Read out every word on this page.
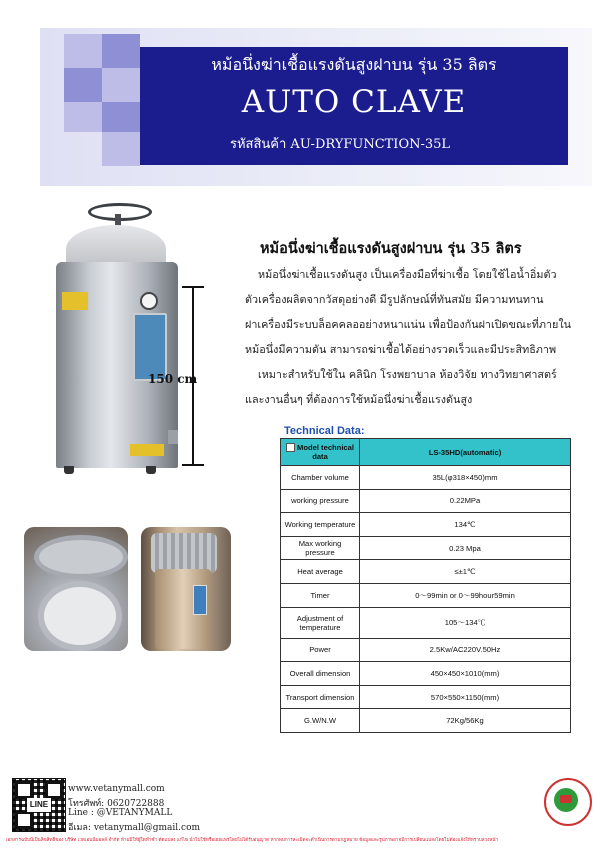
หม้อนึ่งฆ่าเชื้อแรงดันสูงฝาบน รุ่น 35 ลิตร
AUTO CLAVE
รหัสสินค้า AU-DRYFUNCTION-35L
150 cm
หม้อนึ่งฆ่าเชื้อแรงดันสูงฝาบน รุ่น 35 ลิตร
หม้อนึ่งฆ่าเชื้อแรงดันสูง เป็นเครื่องมือที่ฆ่าเชื้อ โดยใช้ไอน้ำอิ่มตัว
ตัวเครื่องผลิตจากวัสดุอย่างดี มีรูปลักษณ์ที่ทันสมัย มีความทนทาน
ฝาเครื่องมีระบบล็อคคลออย่างหนาแน่น เพื่อป้องกันฝาเปิดขณะที่ภายใน
หม้อนึ่งมีความดัน สามารถฆ่าเชื้อได้อย่างรวดเร็วและมีประสิทธิภาพ
เหมาะสำหรับใช้ใน คลินิก โรงพยาบาล ห้องวิจัย ทางวิทยาศาสตร์
และงานอื่นๆ ที่ต้องการใช้หม้อนึ่งฆ่าเชื้อแรงดันสูง
Technical Data:
Model technical data	LS-35HD(automatic)
Chamber volume	35L(φ318×450)mm
working pressure	0.22MPa
Working temperature	134℃
Max working pressure	0.23 Mpa
Heat average	≤±1℃
Timer	0～99min or 0～99hour59min
Adjustment of temperature	105～134℃
Power	2.5Kw/AC220V.50Hz
Overall dimension	450×450×1010(mm)
Transport dimension	570×550×1150(mm)
G.W/N.W	72Kg/56Kg
LINE
www.vetanymall.com
โทรศัพท์: 0620722888
Line : @VETANYMALL
อีเมล: vetanymall@gmail.com
เอกสารฉบับนี้เป็นลิขสิทธิ์ของ บริษัท เวตเอนนี่มอลล์ จำกัด ห้ามมิให้ผู้ใดทำซ้ำ ดัดแปลง แก้ไข นำไปใช้หรือเผยแพร่โดยไม่ได้รับอนุญาต หากพบการละเมิดจะดำเนินการตามกฎหมาย ข้อมูลและรูปภาพอาจมีการเปลี่ยนแปลงโดยไม่ต้องแจ้งให้ทราบล่วงหน้า
